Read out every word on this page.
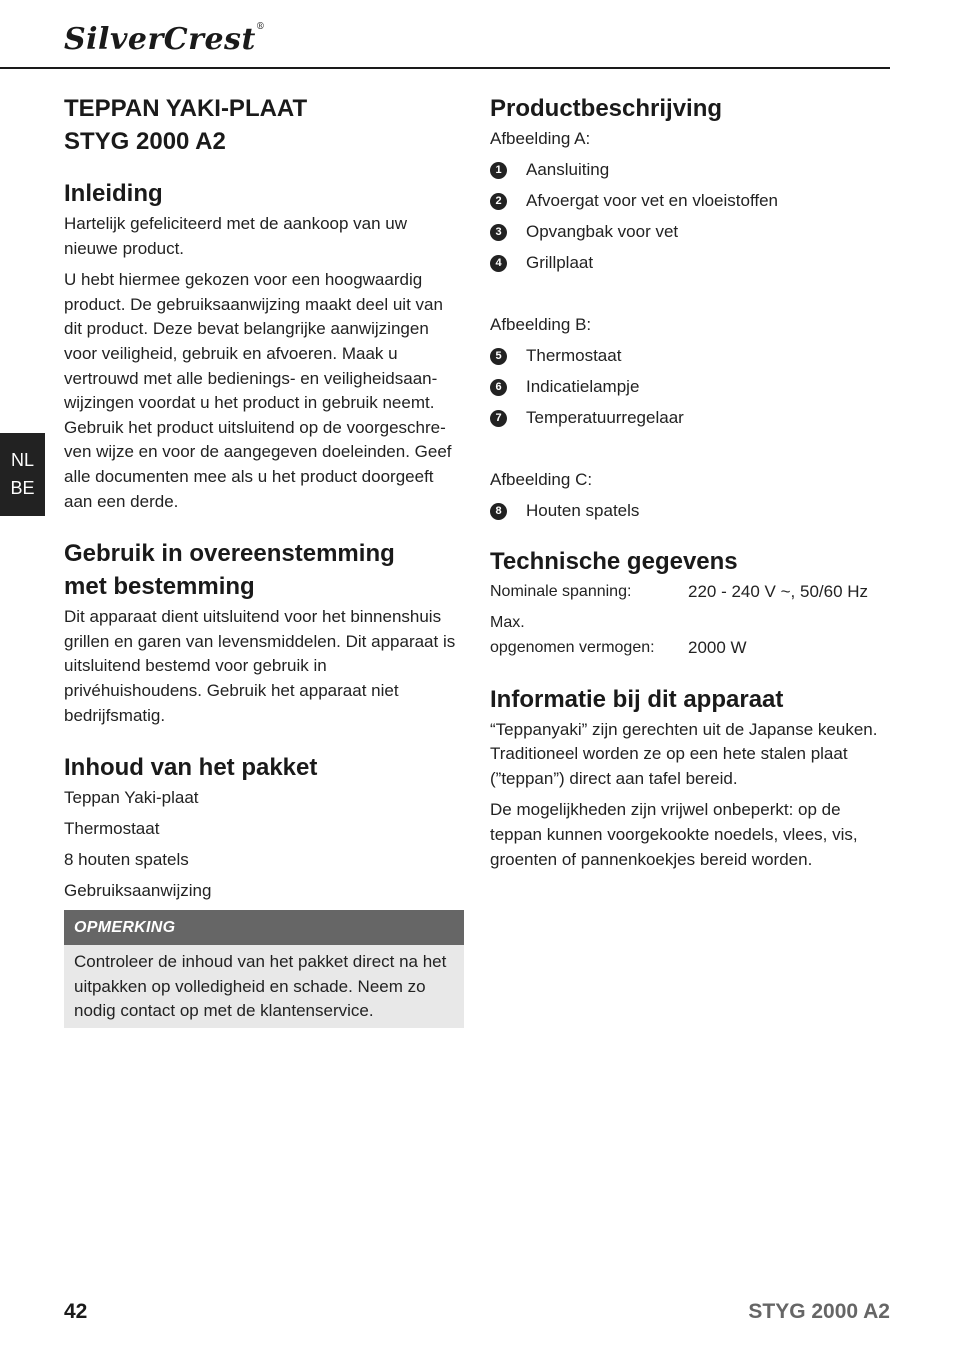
SilverCrest®
NL
BE
TEPPAN YAKI-PLAAT
STYG 2000 A2
Inleiding

Hartelijk gefeliciteerd met de aankoop van uw nieuwe product.

U hebt hiermee gekozen voor een hoogwaardig product. De gebruiksaanwijzing maakt deel uit van dit product. Deze bevat belangrijke aanwijzingen voor veiligheid, gebruik en afvoeren. Maak u vertrouwd met alle bedienings- en veiligheidsaan-wijzingen voordat u het product in gebruik neemt. Gebruik het product uitsluitend op de voorgeschre-ven wijze en voor de aangegeven doeleinden. Geef alle documenten mee als u het product doorgeeft aan een derde.

Gebruik in overeenstemming
met bestemming

Dit apparaat dient uitsluitend voor het binnenshuis grillen en garen van levensmiddelen. Dit apparaat is uitsluitend bestemd voor gebruik in privéhuishoudens. Gebruik het apparaat niet bedrijfsmatig.

Inhoud van het pakket
Teppan Yaki-plaat
Thermostaat
8 houten spatels
Gebruiksaanwijzing
OPMERKING
Controleer de inhoud van het pakket direct na het uitpakken op volledigheid en schade. Neem zo nodig contact op met de klantenservice.
Productbeschrijving
Afbeelding A:
1	Aansluiting
2	Afvoergat voor vet en vloeistoffen
3	Opvangbak voor vet
4	Grillplaat
Afbeelding B:
5	Thermostaat
6	Indicatielampje
7	Temperatuurregelaar
Afbeelding C:
8	Houten spatels
Technische gegevens
Nominale spanning:	220 - 240 V ~, 50/60 Hz
Max.
opgenomen vermogen:	2000 W
Informatie bij dit apparaat

“Teppanyaki” zijn gerechten uit de Japanse keuken. Traditioneel worden ze op een hete stalen plaat (”teppan”) direct aan tafel bereid.

De mogelijkheden zijn vrijwel onbeperkt: op de teppan kunnen voorgekookte noedels, vlees, vis, groenten of pannenkoekjes bereid worden.

42	STYG 2000 A2
